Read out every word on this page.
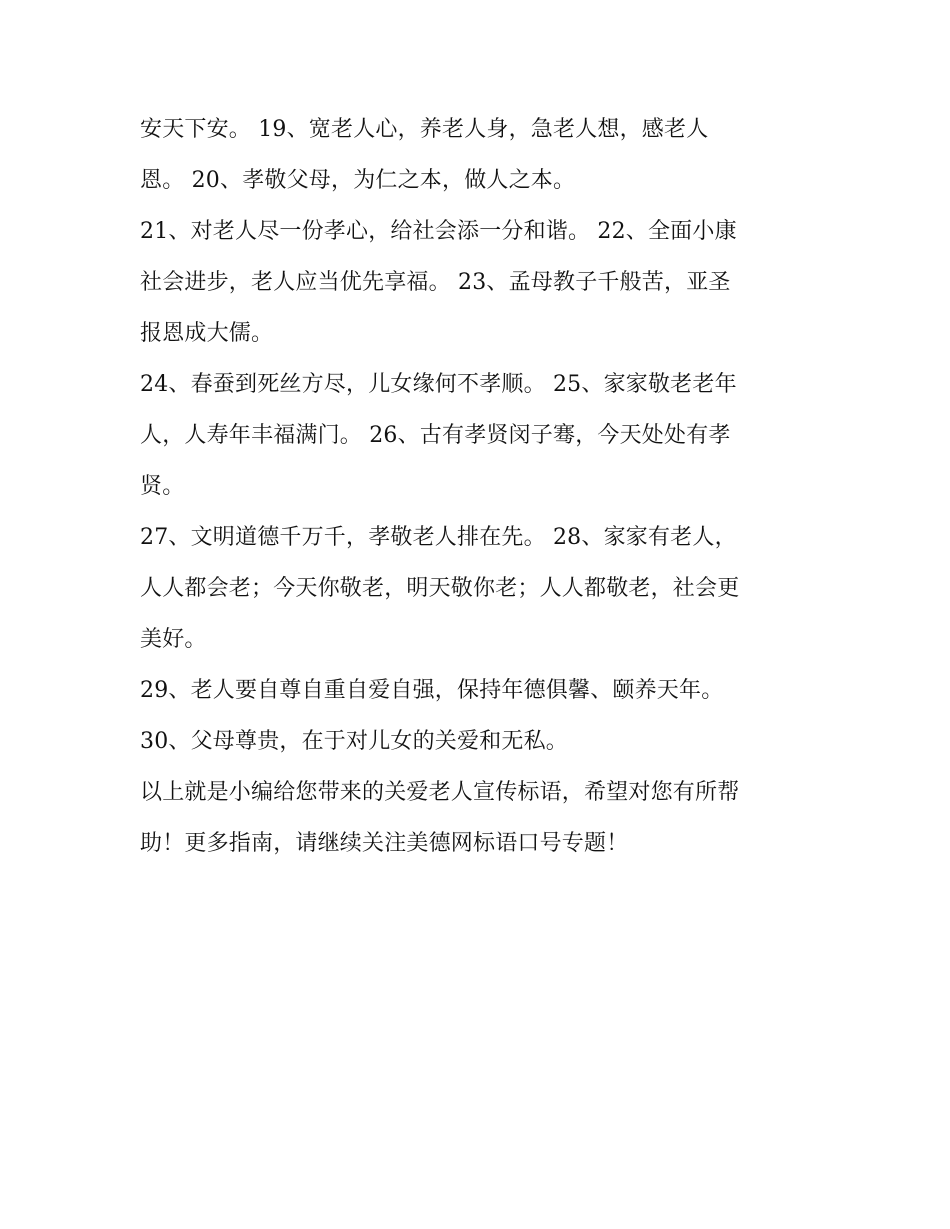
安天下安。 19、宽老人心，养老人身，急老人想，感老人
恩。 20、孝敬父母，为仁之本，做人之本。
21、对老人尽一份孝心，给社会添一分和谐。 22、全面小康
社会进步，老人应当优先享福。 23、孟母教子千般苦，亚圣
报恩成大儒。
24、春蚕到死丝方尽，儿女缘何不孝顺。 25、家家敬老老年
人，人寿年丰福满门。 26、古有孝贤闵子骞，今天处处有孝
贤。
27、文明道德千万千，孝敬老人排在先。 28、家家有老人，
人人都会老；今天你敬老，明天敬你老；人人都敬老，社会更
美好。
29、老人要自尊自重自爱自强，保持年德俱馨、颐养天年。
30、父母尊贵，在于对儿女的关爱和无私。
以上就是小编给您带来的关爱老人宣传标语，希望对您有所帮
助！更多指南，请继续关注美德网标语口号专题！
